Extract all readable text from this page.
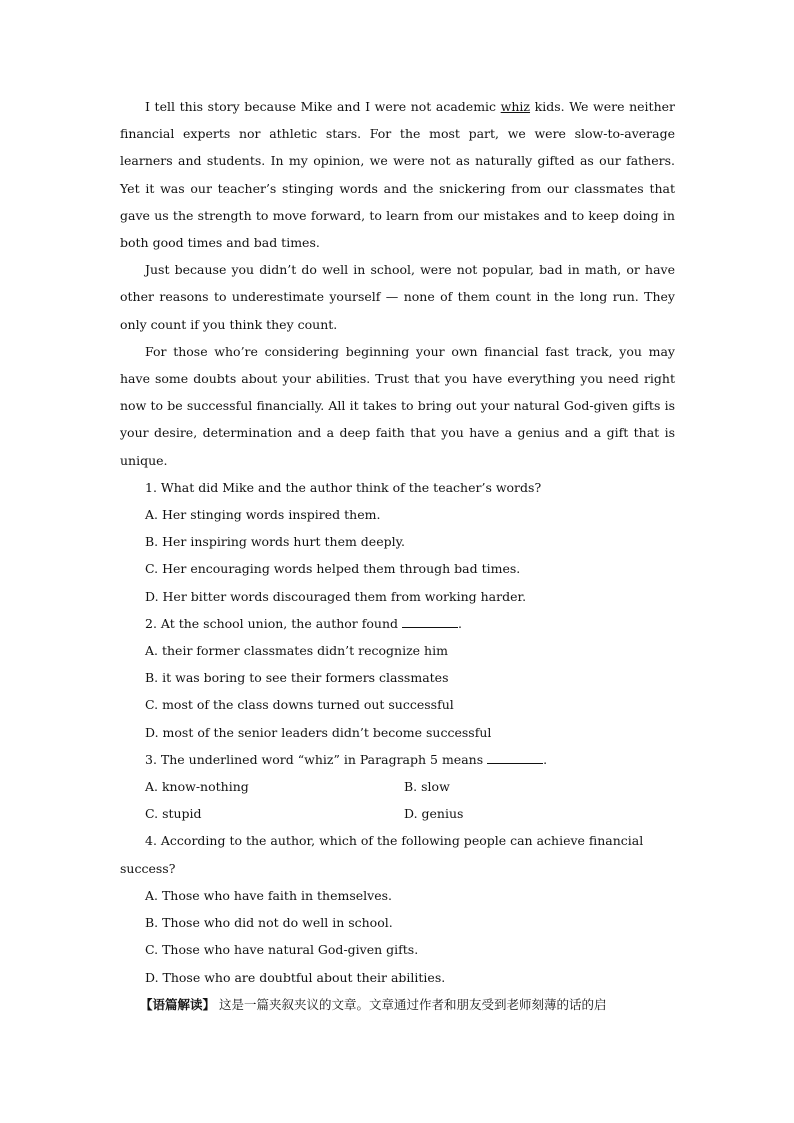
I tell this story because Mike and I were not academic whiz kids. We were neither financial experts nor athletic stars. For the most part, we were slow-to-average learners and students. In my opinion, we were not as naturally gifted as our fathers. Yet it was our teacher’s stinging words and the snickering from our classmates that gave us the strength to move forward, to learn from our mistakes and to keep doing in both good times and bad times.

Just because you didn’t do well in school, were not popular, bad in math, or have other reasons to underestimate yourself — none of them count in the long run. They only count if you think they count.

For those who’re considering beginning your own financial fast track, you may have some doubts about your abilities. Trust that you have everything you need right now to be successful financially. All it takes to bring out your natural God-given gifts is your desire, determination and a deep faith that you have a genius and a gift that is unique.

1. What did Mike and the author think of the teacher’s words?

A. Her stinging words inspired them.

B. Her inspiring words hurt them deeply.

C. Her encouraging words helped them through bad times.

D. Her bitter words discouraged them from working harder.

2. At the school union, the author found	.

A. their former classmates didn’t recognize him

B. it was boring to see their formers classmates

C. most of the class downs turned out successful

D. most of the senior leaders didn’t become successful

3. The underlined word “whiz” in Paragraph 5 means	.

A. know-nothing	B. slow
C. stupid	D. genius

4. According to the author, which of the following people can achieve financial success?

A. Those who have faith in themselves.

B. Those who did not do well in school.

C. Those who have natural God-given gifts.

D. Those who are doubtful about their abilities.

【语篇解读】 这是一篇夹叙夹议的文章。文章通过作者和朋友受到老师刻薄的话的启
